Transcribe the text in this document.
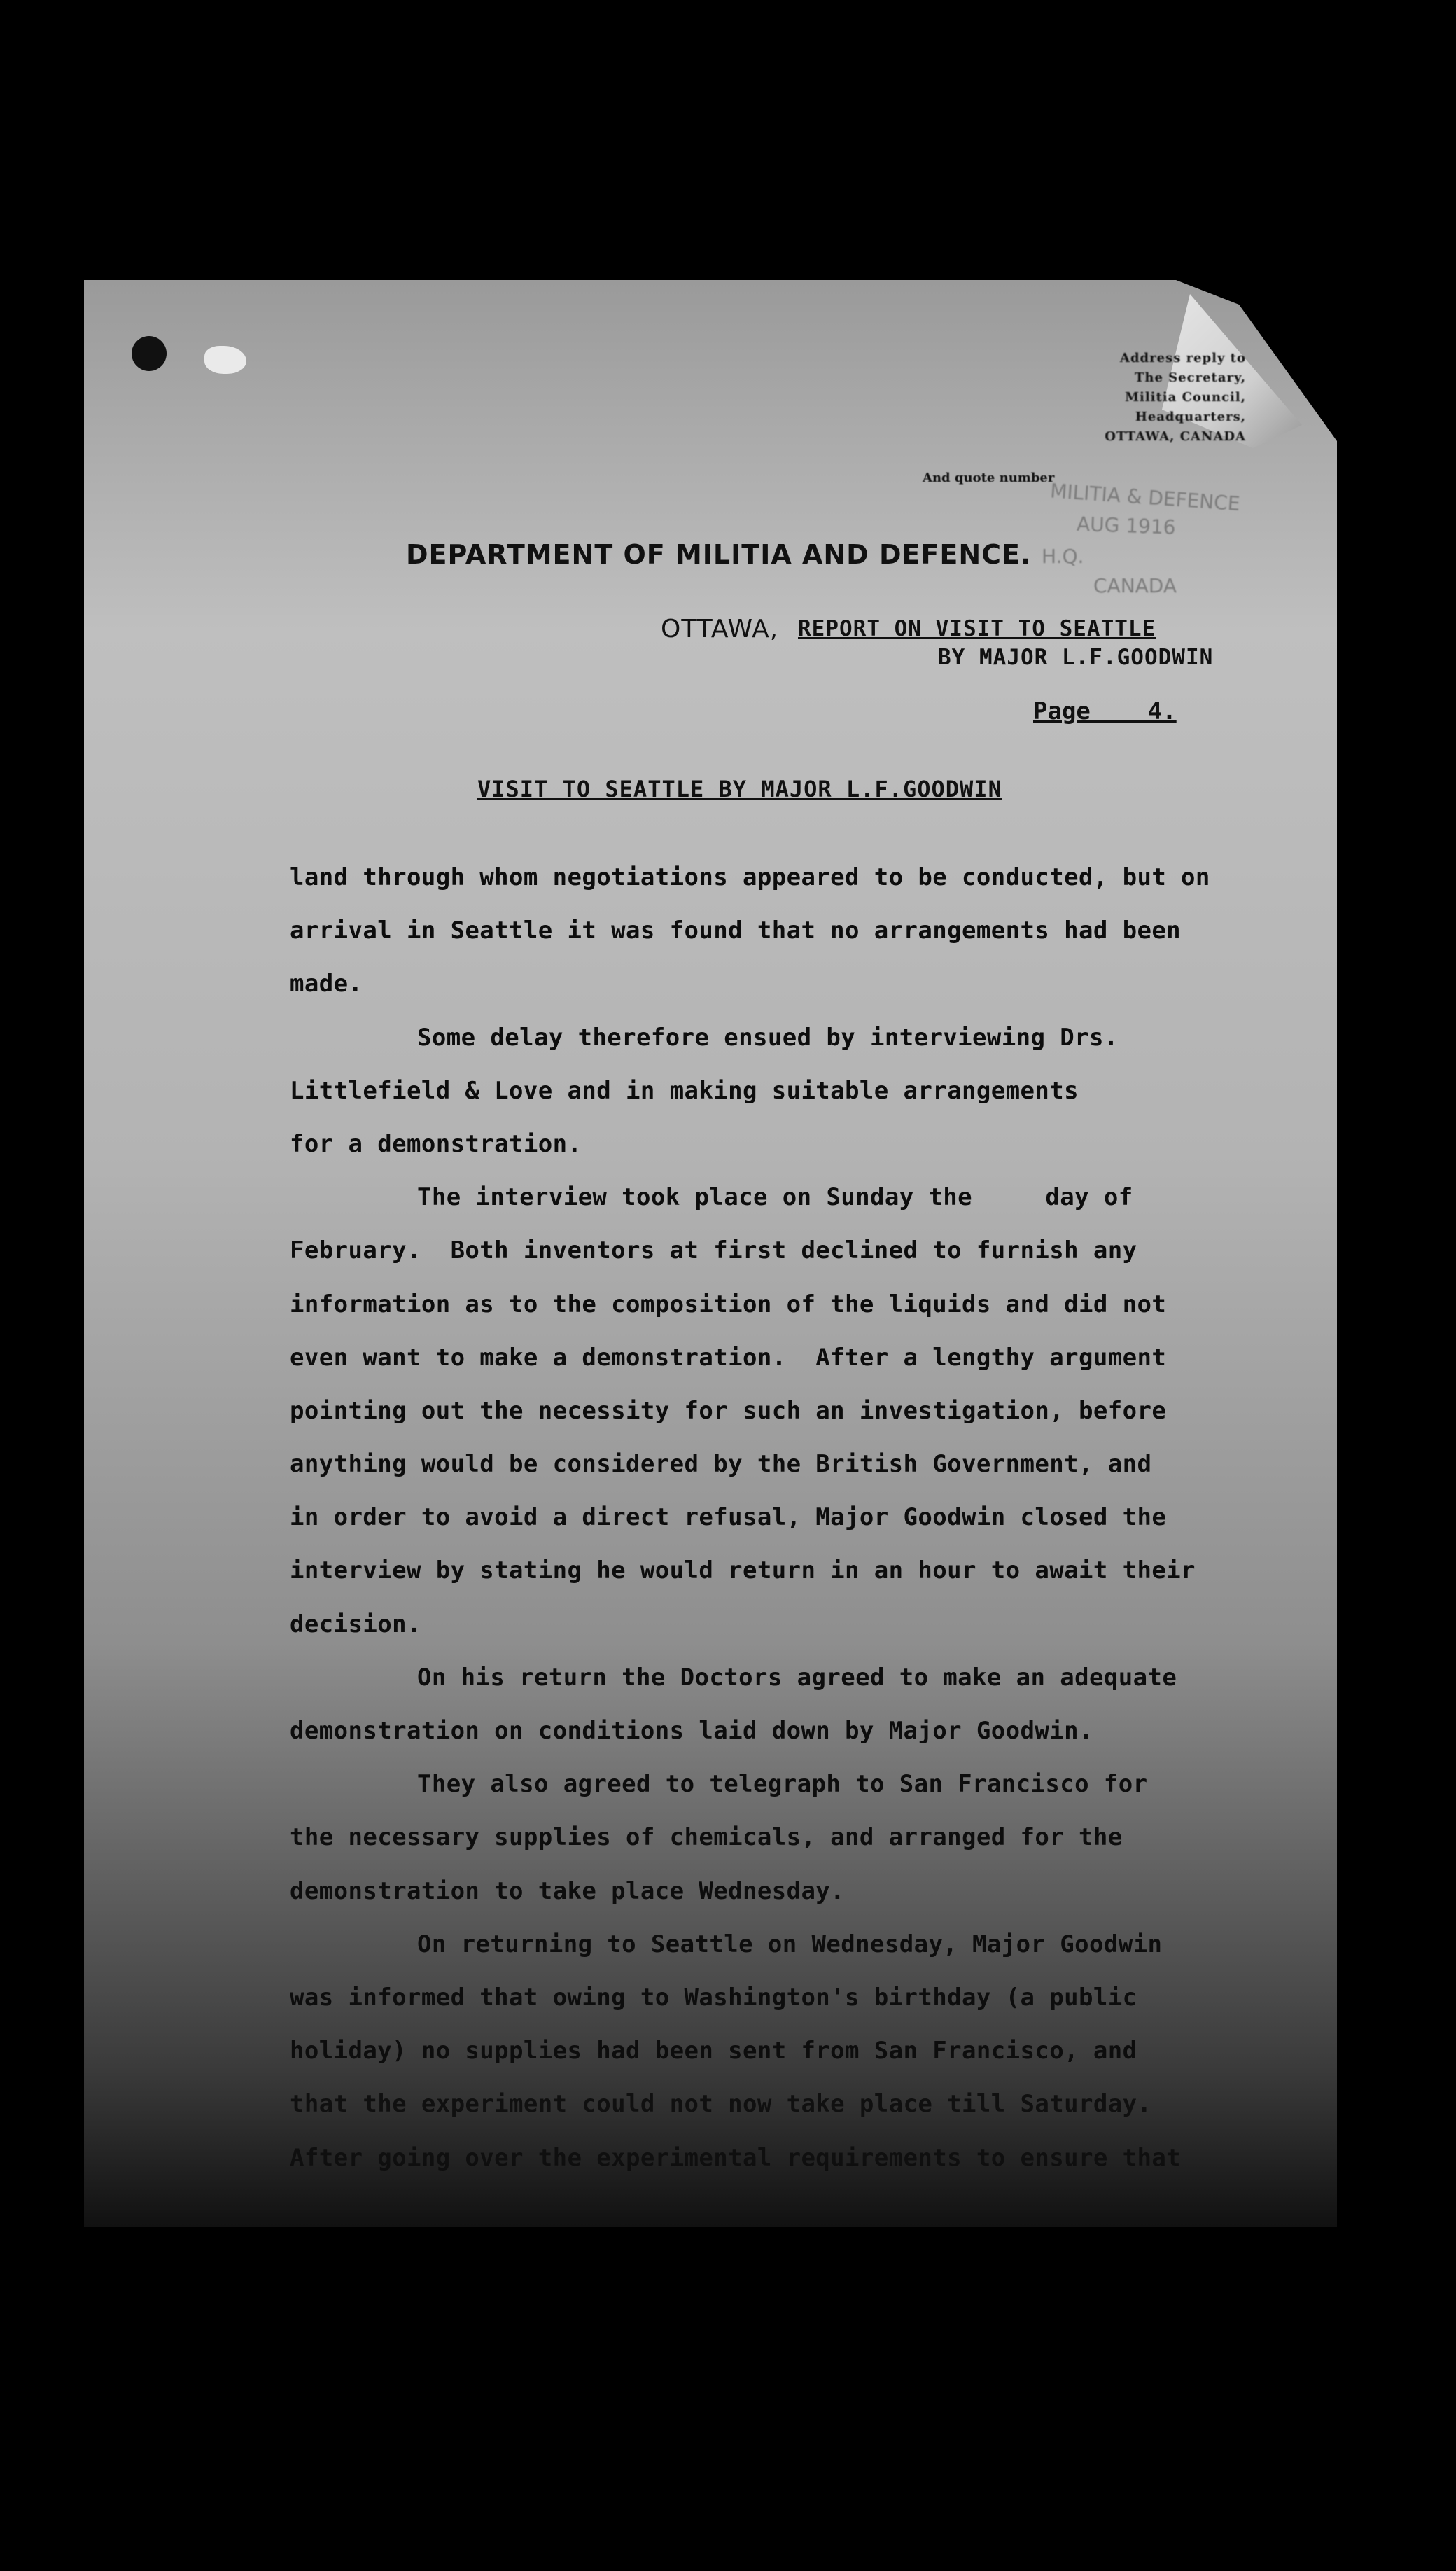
Address reply to
The Secretary,
Militia Council,
Headquarters,
OTTAWA, CANADA
And quote number
MILITIA & DEFENCE
AUG 1916
H.Q.
CANADA
DEPARTMENT OF MILITIA AND DEFENCE.
OTTAWA, REPORT ON VISIT TO SEATTLE
BY MAJOR L.F.GOODWIN
Page    4.
VISIT TO SEATTLE BY MAJOR L.F.GOODWIN
land through whom negotiations appeared to be conducted, but on
arrival in Seattle it was found that no arrangements had been
made.
Some delay therefore ensued by interviewing Drs.
Littlefield & Love and in making suitable arrangements
for a demonstration.
The interview took place on Sunday the     day of
February.  Both inventors at first declined to furnish any
information as to the composition of the liquids and did not
even want to make a demonstration.  After a lengthy argument
pointing out the necessity for such an investigation, before
anything would be considered by the British Government, and
in order to avoid a direct refusal, Major Goodwin closed the
interview by stating he would return in an hour to await their
decision.
On his return the Doctors agreed to make an adequate
demonstration on conditions laid down by Major Goodwin.
They also agreed to telegraph to San Francisco for
the necessary supplies of chemicals, and arranged for the
demonstration to take place Wednesday.
On returning to Seattle on Wednesday, Major Goodwin
was informed that owing to Washington's birthday (a public
holiday) no supplies had been sent from San Francisco, and
that the experiment could not now take place till Saturday.
After going over the experimental requirements to ensure that
